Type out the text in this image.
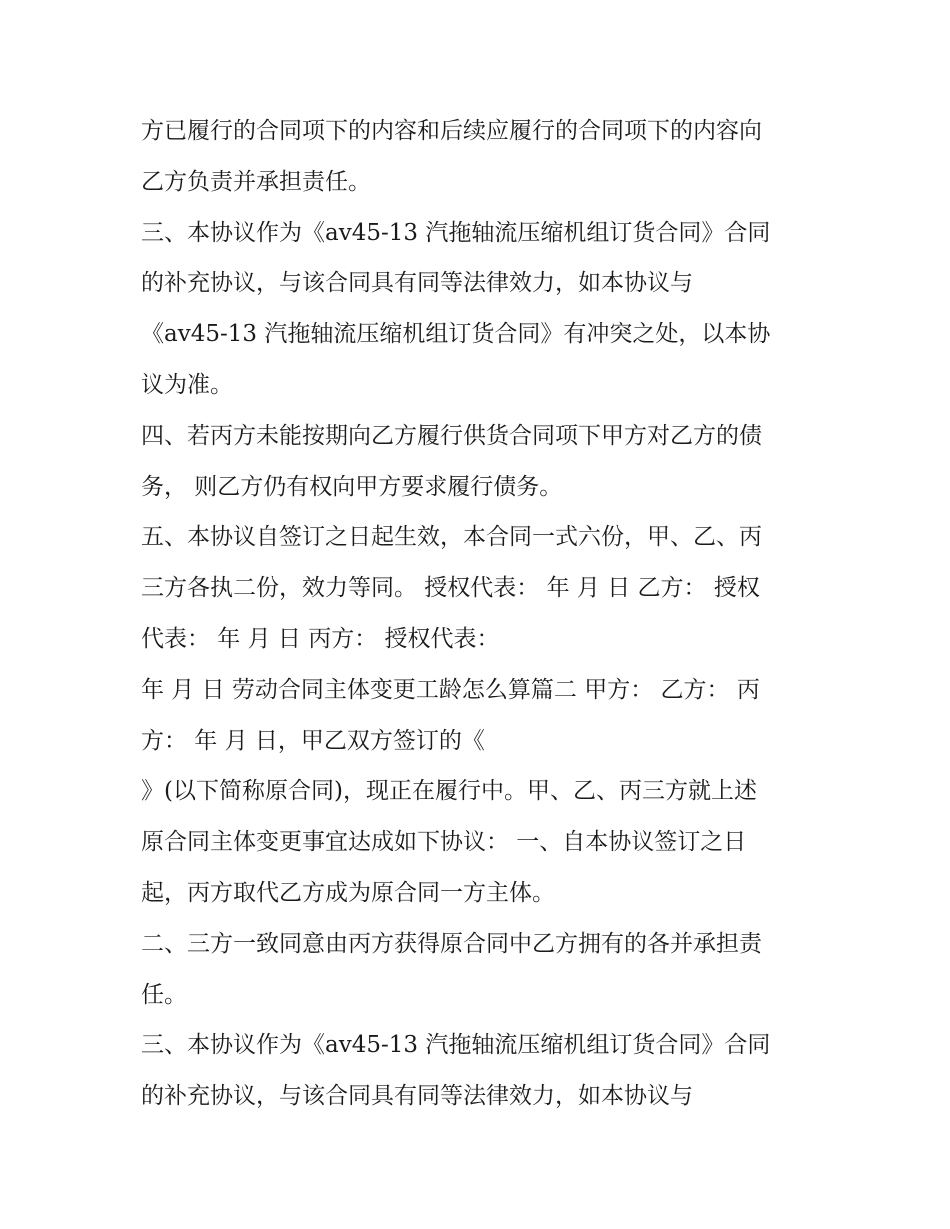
方已履行的合同项下的内容和后续应履行的合同项下的内容向
乙方负责并承担责任。
三、本协议作为《av45-13 汽拖轴流压缩机组订货合同》合同
的补充协议，与该合同具有同等法律效力，如本协议与
《av45-13 汽拖轴流压缩机组订货合同》有冲突之处，以本协
议为准。
四、若丙方未能按期向乙方履行供货合同项下甲方对乙方的债
务， 则乙方仍有权向甲方要求履行债务。
五、本协议自签订之日起生效，本合同一式六份，甲、乙、丙
三方各执二份，效力等同。 授权代表： 年 月 日 乙方： 授权
代表： 年 月 日 丙方： 授权代表：
年 月 日 劳动合同主体变更工龄怎么算篇二 甲方： 乙方： 丙
方： 年 月 日，甲乙双方签订的《
》(以下简称原合同)，现正在履行中。甲、乙、丙三方就上述
原合同主体变更事宜达成如下协议： 一、自本协议签订之日
起，丙方取代乙方成为原合同一方主体。
二、三方一致同意由丙方获得原合同中乙方拥有的各并承担责
任。
三、本协议作为《av45-13 汽拖轴流压缩机组订货合同》合同
的补充协议，与该合同具有同等法律效力，如本协议与
